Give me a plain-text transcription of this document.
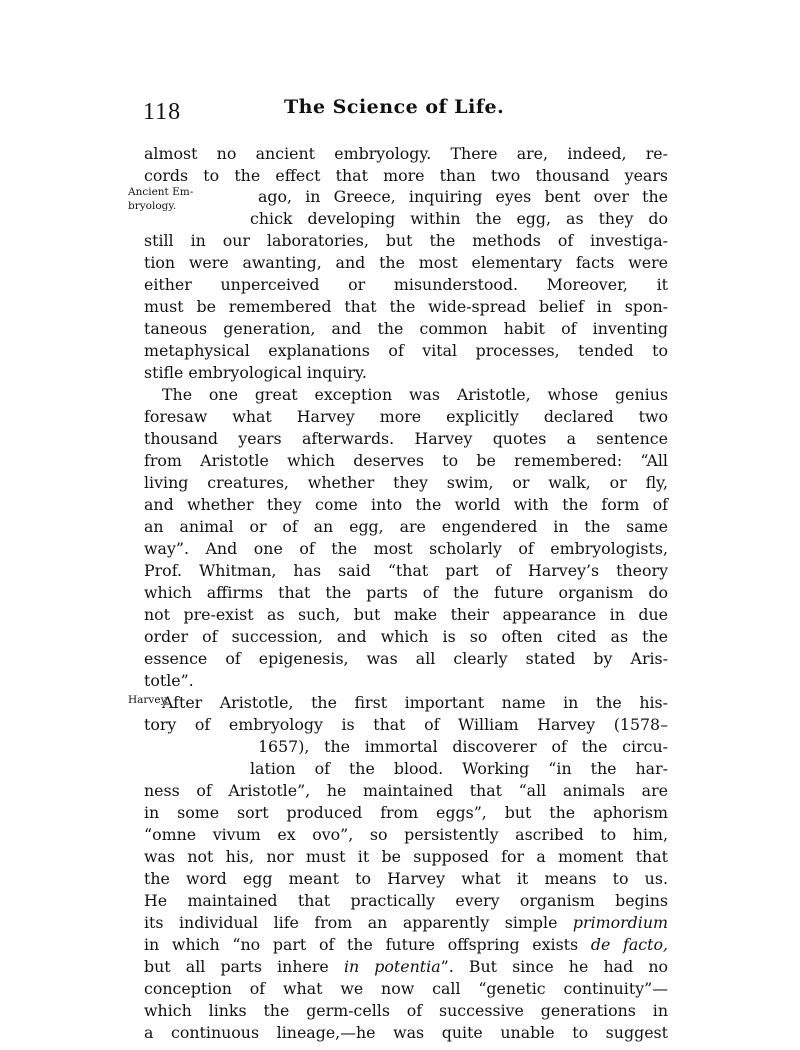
118	The Science of Life.
Ancient Em-
bryology.
Harvey.
almost no ancient embryology. There are, indeed, re-
cords to the effect that more than two thousand years
ago, in Greece, inquiring eyes bent over the
chick developing within the egg, as they do
still in our laboratories, but the methods of investiga-
tion were awanting, and the most elementary facts were
either unperceived or misunderstood. Moreover, it
must be remembered that the wide-spread belief in spon-
taneous generation, and the common habit of inventing
metaphysical explanations of vital processes, tended to
stifle embryological inquiry.
The one great exception was Aristotle, whose genius
foresaw what Harvey more explicitly declared two
thousand years afterwards. Harvey quotes a sentence
from Aristotle which deserves to be remembered: “All
living creatures, whether they swim, or walk, or fly,
and whether they come into the world with the form of
an animal or of an egg, are engendered in the same
way”. And one of the most scholarly of embryologists,
Prof. Whitman, has said “that part of Harvey’s theory
which affirms that the parts of the future organism do
not pre-exist as such, but make their appearance in due
order of succession, and which is so often cited as the
essence of epigenesis, was all clearly stated by Aris-
totle”.
After Aristotle, the first important name in the his-
tory of embryology is that of William Harvey (1578–
1657), the immortal discoverer of the circu-
lation of the blood. Working “in the har-
ness of Aristotle”, he maintained that “all animals are
in some sort produced from eggs”, but the aphorism
“omne vivum ex ovo”, so persistently ascribed to him,
was not his, nor must it be supposed for a moment that
the word egg meant to Harvey what it means to us.
He maintained that practically every organism begins
its individual life from an apparently simple primordium
in which “no part of the future offspring exists de facto,
but all parts inhere in potentia”. But since he had no
conception of what we now call “genetic continuity”—
which links the germ-cells of successive generations in
a continuous lineage,—he was quite unable to suggest
